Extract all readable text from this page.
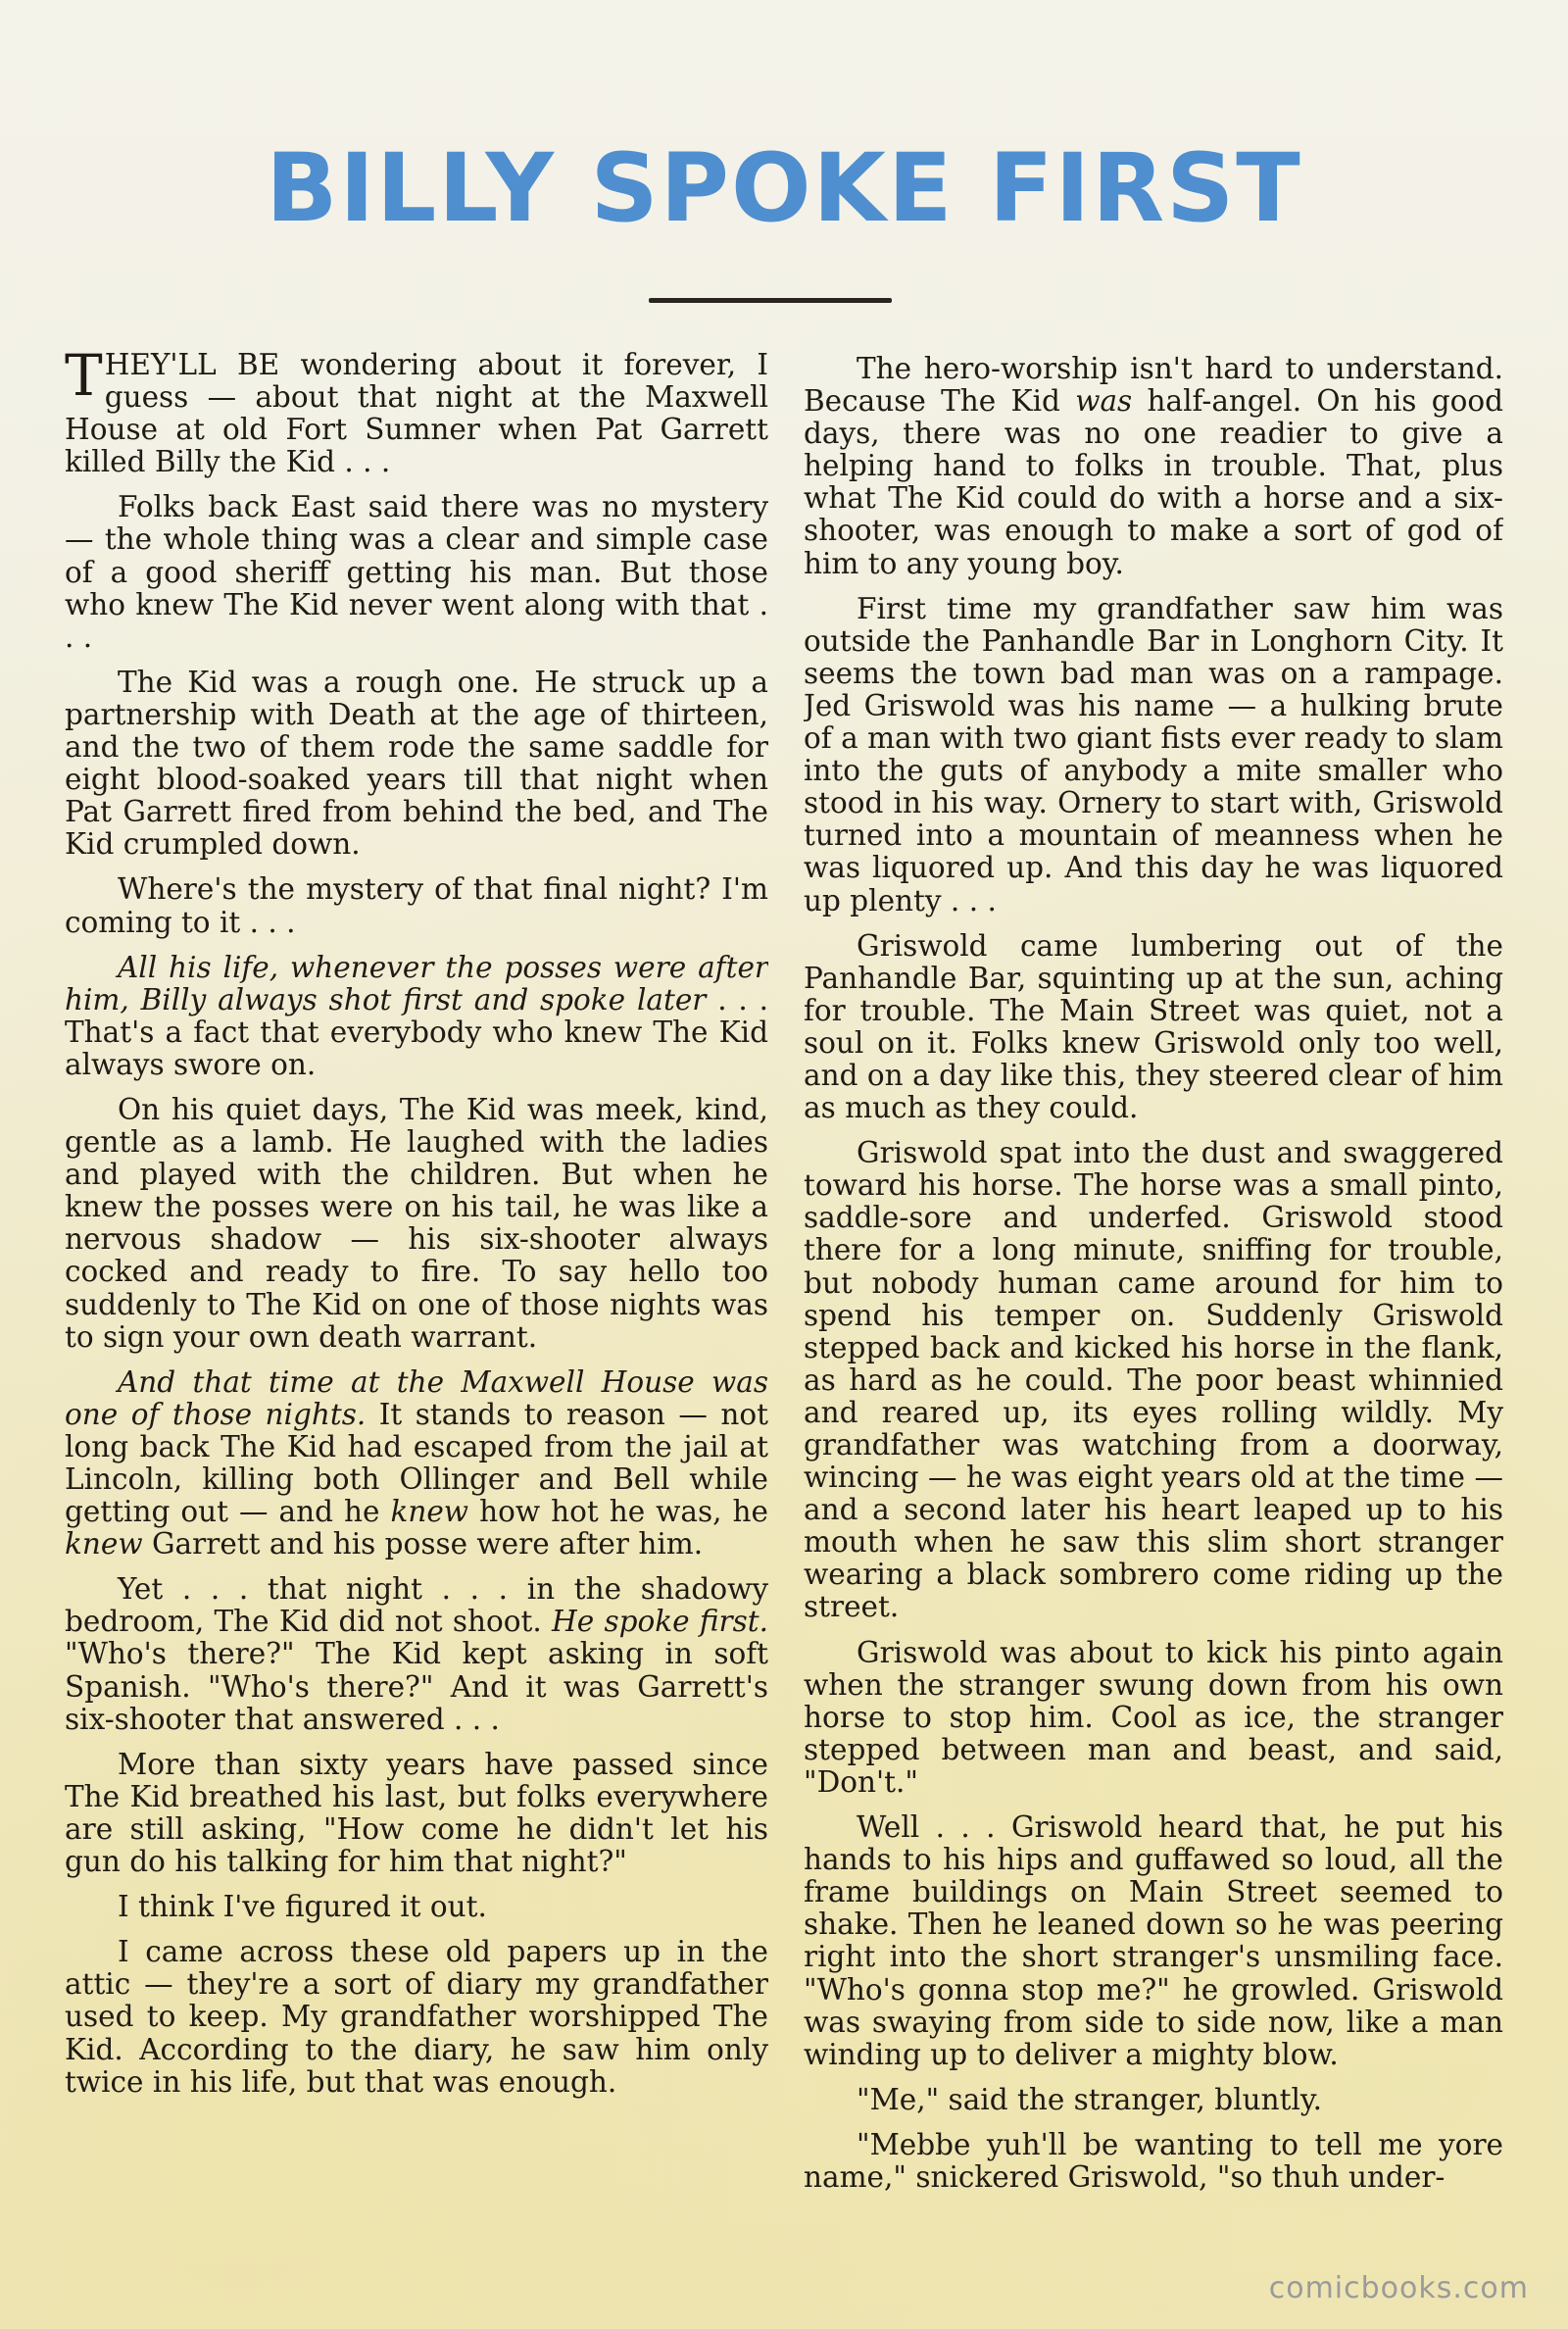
BILLY SPOKE FIRST

THEY'LL BE wondering about it forever, I guess — about that night at the Maxwell House at old Fort Sumner when Pat Garrett killed Billy the Kid . . .

Folks back East said there was no mystery — the whole thing was a clear and simple case of a good sheriff getting his man. But those who knew The Kid never went along with that . . .

The Kid was a rough one. He struck up a partnership with Death at the age of thirteen, and the two of them rode the same saddle for eight blood-soaked years till that night when Pat Garrett fired from behind the bed, and The Kid crumpled down.

Where's the mystery of that final night? I'm coming to it . . .

All his life, whenever the posses were after him, Billy always shot first and spoke later . . . That's a fact that everybody who knew The Kid always swore on.

On his quiet days, The Kid was meek, kind, gentle as a lamb. He laughed with the ladies and played with the children. But when he knew the posses were on his tail, he was like a nervous shadow — his six-shooter always cocked and ready to fire. To say hello too suddenly to The Kid on one of those nights was to sign your own death warrant.

And that time at the Maxwell House was one of those nights. It stands to reason — not long back The Kid had escaped from the jail at Lincoln, killing both Ollinger and Bell while getting out — and he knew how hot he was, he knew Garrett and his posse were after him.

Yet . . . that night . . . in the shadowy bedroom, The Kid did not shoot. He spoke first. "Who's there?" The Kid kept asking in soft Spanish. "Who's there?" And it was Garrett's six-shooter that answered . . .

More than sixty years have passed since The Kid breathed his last, but folks everywhere are still asking, "How come he didn't let his gun do his talking for him that night?"

I think I've figured it out.

I came across these old papers up in the attic — they're a sort of diary my grandfather used to keep. My grandfather worshipped The Kid. According to the diary, he saw him only twice in his life, but that was enough.

The hero-worship isn't hard to understand. Because The Kid was half-angel. On his good days, there was no one readier to give a helping hand to folks in trouble. That, plus what The Kid could do with a horse and a six-shooter, was enough to make a sort of god of him to any young boy.

First time my grandfather saw him was outside the Panhandle Bar in Longhorn City. It seems the town bad man was on a rampage. Jed Griswold was his name — a hulking brute of a man with two giant fists ever ready to slam into the guts of anybody a mite smaller who stood in his way. Ornery to start with, Griswold turned into a mountain of meanness when he was liquored up. And this day he was liquored up plenty . . .

Griswold came lumbering out of the Panhandle Bar, squinting up at the sun, aching for trouble. The Main Street was quiet, not a soul on it. Folks knew Griswold only too well, and on a day like this, they steered clear of him as much as they could.

Griswold spat into the dust and swaggered toward his horse. The horse was a small pinto, saddle-sore and underfed. Griswold stood there for a long minute, sniffing for trouble, but nobody human came around for him to spend his temper on. Suddenly Griswold stepped back and kicked his horse in the flank, as hard as he could. The poor beast whinnied and reared up, its eyes rolling wildly. My grandfather was watching from a doorway, wincing — he was eight years old at the time — and a second later his heart leaped up to his mouth when he saw this slim short stranger wearing a black sombrero come riding up the street.

Griswold was about to kick his pinto again when the stranger swung down from his own horse to stop him. Cool as ice, the stranger stepped between man and beast, and said, "Don't."

Well . . . Griswold heard that, he put his hands to his hips and guffawed so loud, all the frame buildings on Main Street seemed to shake. Then he leaned down so he was peering right into the short stranger's unsmiling face. "Who's gonna stop me?" he growled. Griswold was swaying from side to side now, like a man winding up to deliver a mighty blow.

"Me," said the stranger, bluntly.

"Mebbe yuh'll be wanting to tell me yore name," snickered Griswold, "so thuh under-

comicbooks.com
